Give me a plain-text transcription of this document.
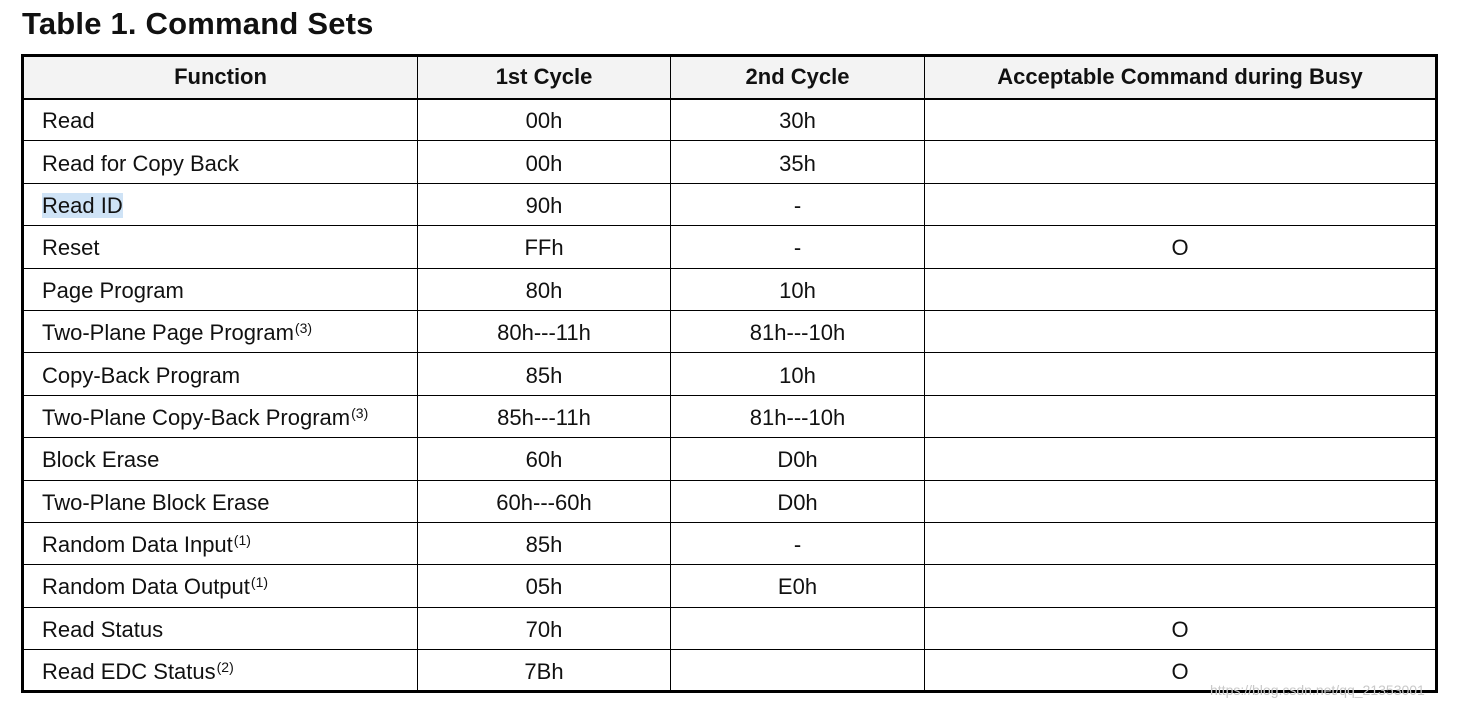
Table 1. Command Sets
Function	1st Cycle	2nd Cycle	Acceptable Command during Busy
Read	00h	30h	
Read for Copy Back	00h	35h	
Read ID	90h	-	
Reset	FFh	-	O
Page Program	80h	10h	
Two-Plane Page Program$^{(3)}$	80h---11h	81h---10h	
Copy-Back Program	85h	10h	
Two-Plane Copy-Back Program$^{(3)}$	85h---11h	81h---10h	
Block Erase	60h	D0h	
Two-Plane Block Erase	60h---60h	D0h	
Random Data Input$^{(1)}$	85h	-	
Random Data Output$^{(1)}$	05h	E0h	
Read Status	70h		O
Read EDC Status$^{(2)}$	7Bh		O
https://blog.csdn.net/qq_21353001
